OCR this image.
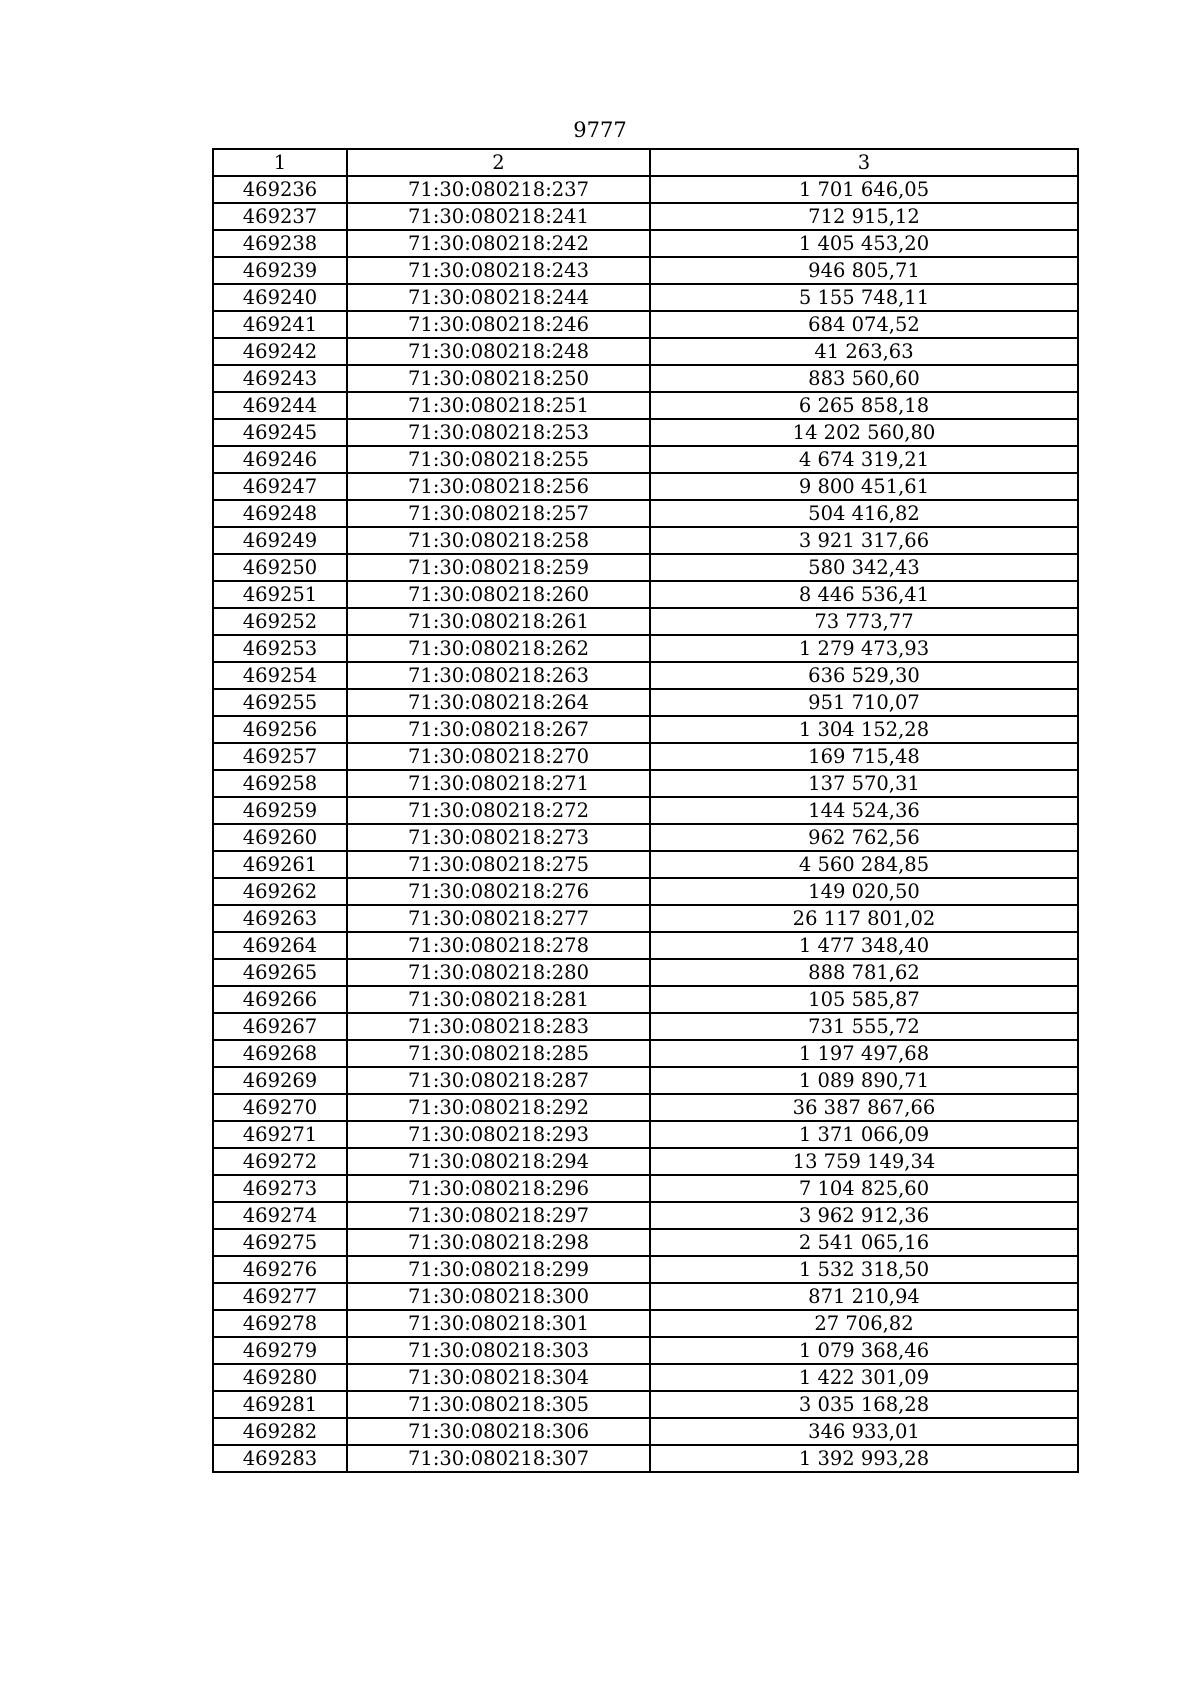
9777
1	2	3
469236	71:30:080218:237	1 701 646,05
469237	71:30:080218:241	712 915,12
469238	71:30:080218:242	1 405 453,20
469239	71:30:080218:243	946 805,71
469240	71:30:080218:244	5 155 748,11
469241	71:30:080218:246	684 074,52
469242	71:30:080218:248	41 263,63
469243	71:30:080218:250	883 560,60
469244	71:30:080218:251	6 265 858,18
469245	71:30:080218:253	14 202 560,80
469246	71:30:080218:255	4 674 319,21
469247	71:30:080218:256	9 800 451,61
469248	71:30:080218:257	504 416,82
469249	71:30:080218:258	3 921 317,66
469250	71:30:080218:259	580 342,43
469251	71:30:080218:260	8 446 536,41
469252	71:30:080218:261	73 773,77
469253	71:30:080218:262	1 279 473,93
469254	71:30:080218:263	636 529,30
469255	71:30:080218:264	951 710,07
469256	71:30:080218:267	1 304 152,28
469257	71:30:080218:270	169 715,48
469258	71:30:080218:271	137 570,31
469259	71:30:080218:272	144 524,36
469260	71:30:080218:273	962 762,56
469261	71:30:080218:275	4 560 284,85
469262	71:30:080218:276	149 020,50
469263	71:30:080218:277	26 117 801,02
469264	71:30:080218:278	1 477 348,40
469265	71:30:080218:280	888 781,62
469266	71:30:080218:281	105 585,87
469267	71:30:080218:283	731 555,72
469268	71:30:080218:285	1 197 497,68
469269	71:30:080218:287	1 089 890,71
469270	71:30:080218:292	36 387 867,66
469271	71:30:080218:293	1 371 066,09
469272	71:30:080218:294	13 759 149,34
469273	71:30:080218:296	7 104 825,60
469274	71:30:080218:297	3 962 912,36
469275	71:30:080218:298	2 541 065,16
469276	71:30:080218:299	1 532 318,50
469277	71:30:080218:300	871 210,94
469278	71:30:080218:301	27 706,82
469279	71:30:080218:303	1 079 368,46
469280	71:30:080218:304	1 422 301,09
469281	71:30:080218:305	3 035 168,28
469282	71:30:080218:306	346 933,01
469283	71:30:080218:307	1 392 993,28
